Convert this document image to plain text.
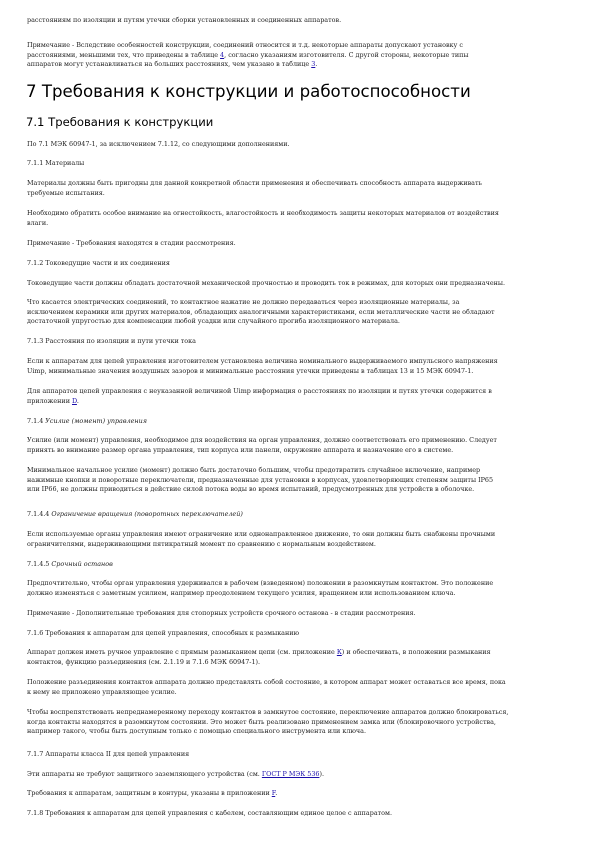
расстояниям по изоляции и путям утечки сборки установленных и соединенных аппаратов.

Примечание - Вследствие особенностей конструкции, соединений относится и т.д. некоторые аппараты допускают установку с
расстояниями, меньшими тех, что приведены в таблице 4, согласно указаниям изготовителя. С другой стороны, некоторые типы
аппаратов могут устанавливаться на больших расстояниях, чем указано в таблице 3.
7 Требования к конструкции и работоспособности
7.1 Требования к конструкции

По 7.1 МЭК 60947-1, за исключением 7.1.12, со следующими дополнениями.

7.1.1 Материалы

Материалы должны быть пригодны для данной конкретной области применения и обеспечивать способность аппарата выдерживать
требуемые испытания.
Необходимо обратить особое внимание на огнестойкость, влагостойкость и необходимость защиты некоторых материалов от воздействия
влаги.

Примечание - Требования находятся в стадии рассмотрения.

7.1.2 Токоведущие части и их соединения

Токоведущие части должны обладать достаточной механической прочностью и проводить ток в режимах, для которых они предназначены.

Что касается электрических соединений, то контактное нажатие не должно передаваться через изоляционные материалы, за
исключением керамики или других материалов, обладающих аналогичными характеристиками, если металлические части не обладают
достаточной упругостью для компенсации любой усадки или случайного прогиба изоляционного материала.

7.1.3 Расстояния по изоляции и пути утечки тока

Если к аппаратам для цепей управления изготовителем установлена величина номинального выдерживаемого импульсного напряжения
Uimp, минимальные значения воздушных зазоров и минимальные расстояния утечки приведены в таблицах 13 и 15 МЭК 60947-1.
Для аппаратов цепей управления с неуказанной величиной Uimp информация о расстояниях по изоляции и путях утечки содержится в
приложении D.

7.1.4 Усилие (момент) управления

Усилие (или момент) управления, необходимое для воздействия на орган управления, должно соответствовать его применению. Следует
принять во внимание размер органа управления, тип корпуса или панели, окружение аппарата и назначение его в системе.
Минимальное начальное усилие (момент) должно быть достаточно большим, чтобы предотвратить случайное включение, например
нажимные кнопки и поворотные переключатели, предназначенные для установки в корпусах, удовлетворяющих степеням защиты IP65
или IP66, не должны приводиться в действие силой потока воды во время испытаний, предусмотренных для устройств в оболочке.

7.1.4.4 Ограничение вращения (поворотных переключателей)

Если используемые органы управления имеют ограничение или однонаправленное движение, то они должны быть снабжены прочными
ограничителями, выдерживающими пятикратный момент по сравнению с нормальным воздействием.

7.1.4.5 Срочный останов

Предпочтительно, чтобы орган управления удерживался в рабочем (взведенном) положении в разомкнутым контактом. Это положение
должно изменяться с заметным усилием, например преодолением текущего усилия, вращением или использованием ключа.

Примечание - Дополнительные требования для стопорных устройств срочного останова - в стадии рассмотрения.

7.1.6 Требования к аппаратам для цепей управления, способных к размыканию

Аппарат должен иметь ручное управление с прямым размыканием цепи (см. приложение К) и обеспечивать, в положении размыкания
контактов, функцию разъединения (см. 2.1.19 и 7.1.6 МЭК 60947-1).
Положение разъединения контактов аппарата должно представлять собой состояние, в котором аппарат может оставаться все время, пока
к нему не приложено управляющее усилие.
Чтобы воспрепятствовать непреднамеренному переходу контактов в замкнутое состояние, переключение аппаратов должно блокироваться,
когда контакты находятся в разомкнутом состоянии. Это может быть реализовано применением замка или (блокировочного устройства,
например такого, чтобы быть доступным только с помощью специального инструмента или ключа.

7.1.7 Аппараты класса II для цепей управления

Эти аппараты не требуют защитного заземляющего устройства (см. ГОСТ Р МЭК 536).

Требования к аппаратам, защитным в контуры, указаны в приложении F.

7.1.8 Требования к аппаратам для цепей управления с кабелем, составляющим единое целое с аппаратом.
